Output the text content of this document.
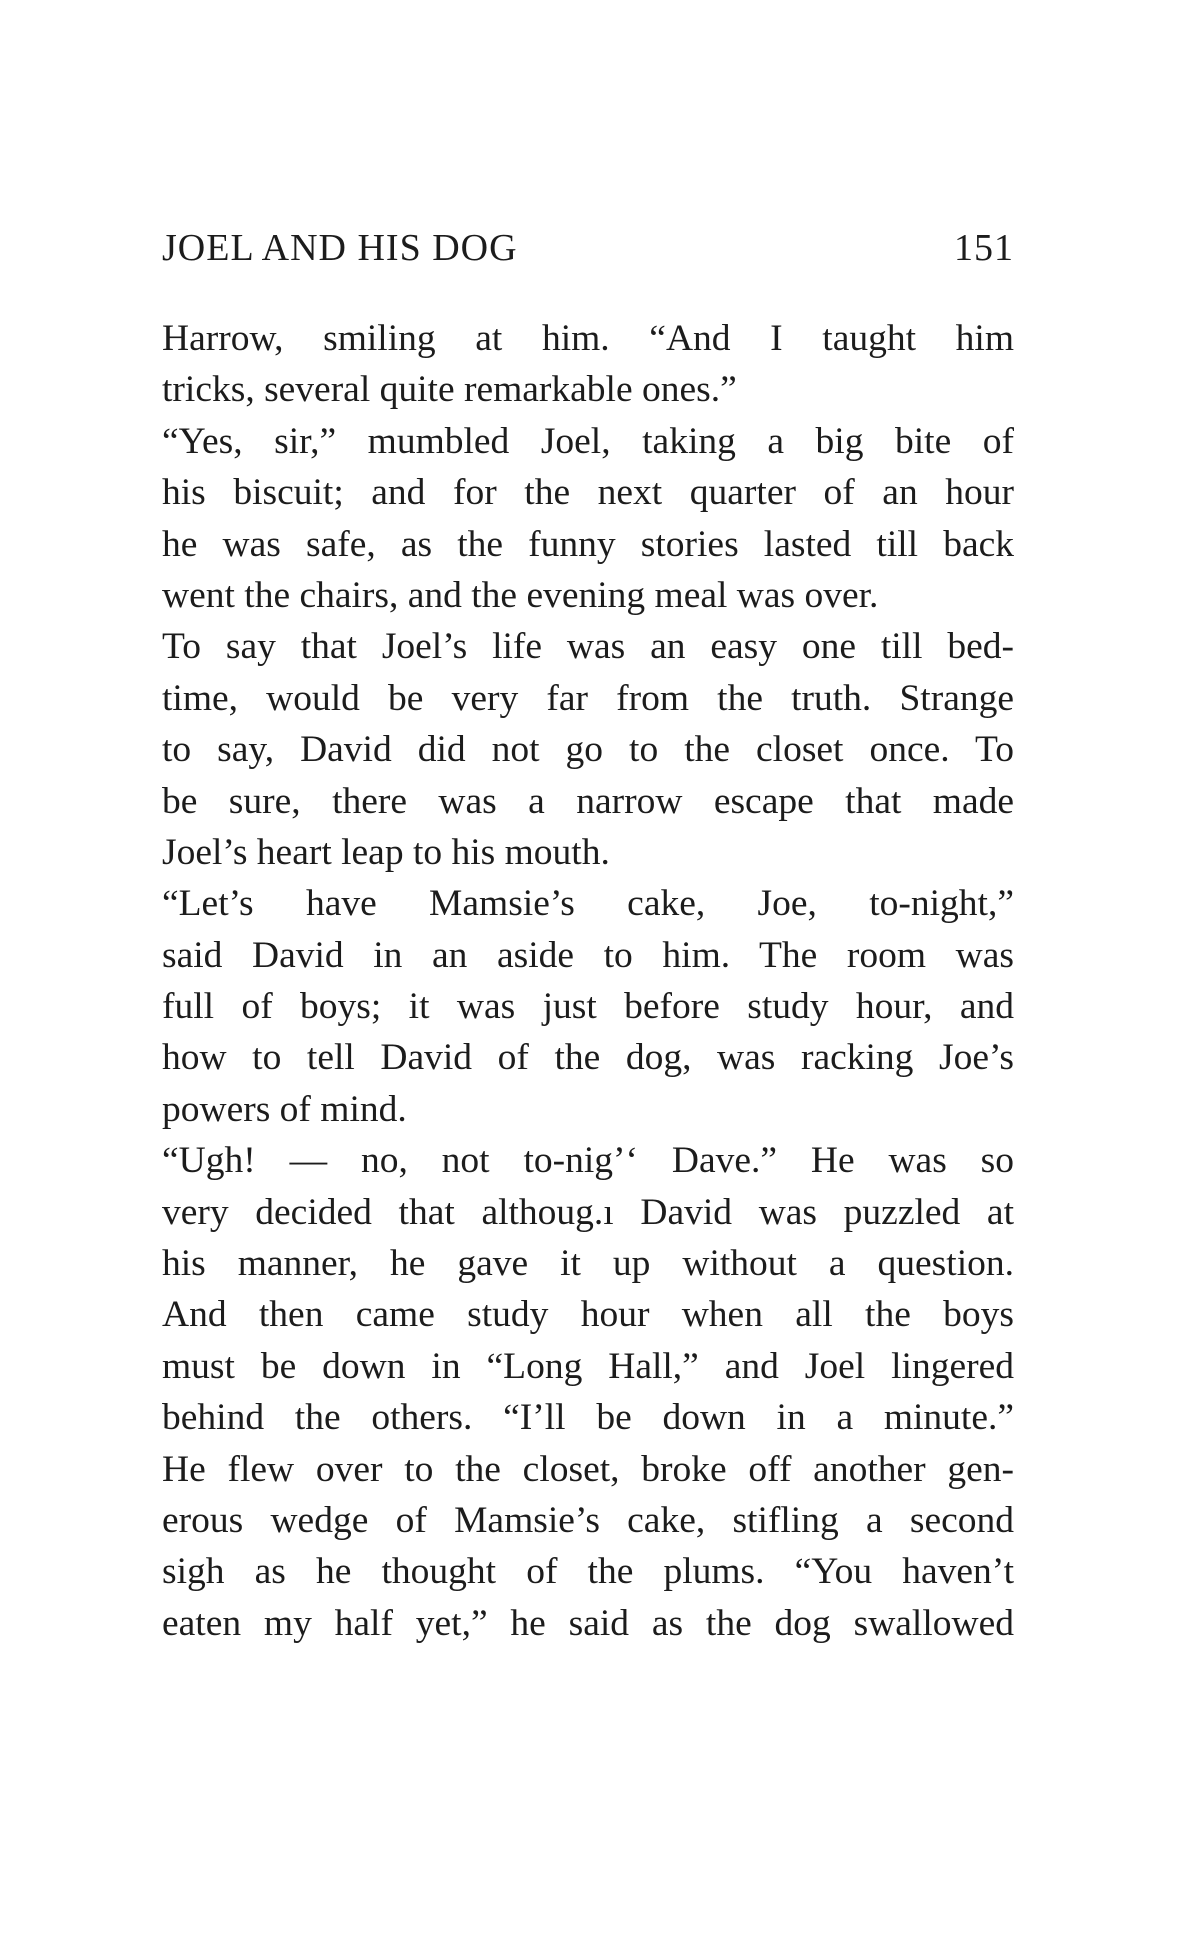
JOEL AND HIS DOG	151
Harrow, smiling at him. “And I taught him
tricks, several quite remarkable ones.”
“Yes, sir,” mumbled Joel, taking a big bite of
his biscuit; and for the next quarter of an hour
he was safe, as the funny stories lasted till back
went the chairs, and the evening meal was over.
To say that Joel’s life was an easy one till bed-
time, would be very far from the truth. Strange
to say, David did not go to the closet once. To
be sure, there was a narrow escape that made
Joel’s heart leap to his mouth.
“Let’s have Mamsie’s cake, Joe, to-night,”
said David in an aside to him. The room was
full of boys; it was just before study hour, and
how to tell David of the dog, was racking Joe’s
powers of mind.
“Ugh! — no, not to-nig’‘ Dave.” He was so
very decided that althoug.ı David was puzzled at
his manner, he gave it up without a question.
And then came study hour when all the boys
must be down in “Long Hall,” and Joel lingered
behind the others. “I’ll be down in a minute.”
He flew over to the closet, broke off another gen-
erous wedge of Mamsie’s cake, stifling a second
sigh as he thought of the plums. “You haven’t
eaten my half yet,” he said as the dog swallowed
